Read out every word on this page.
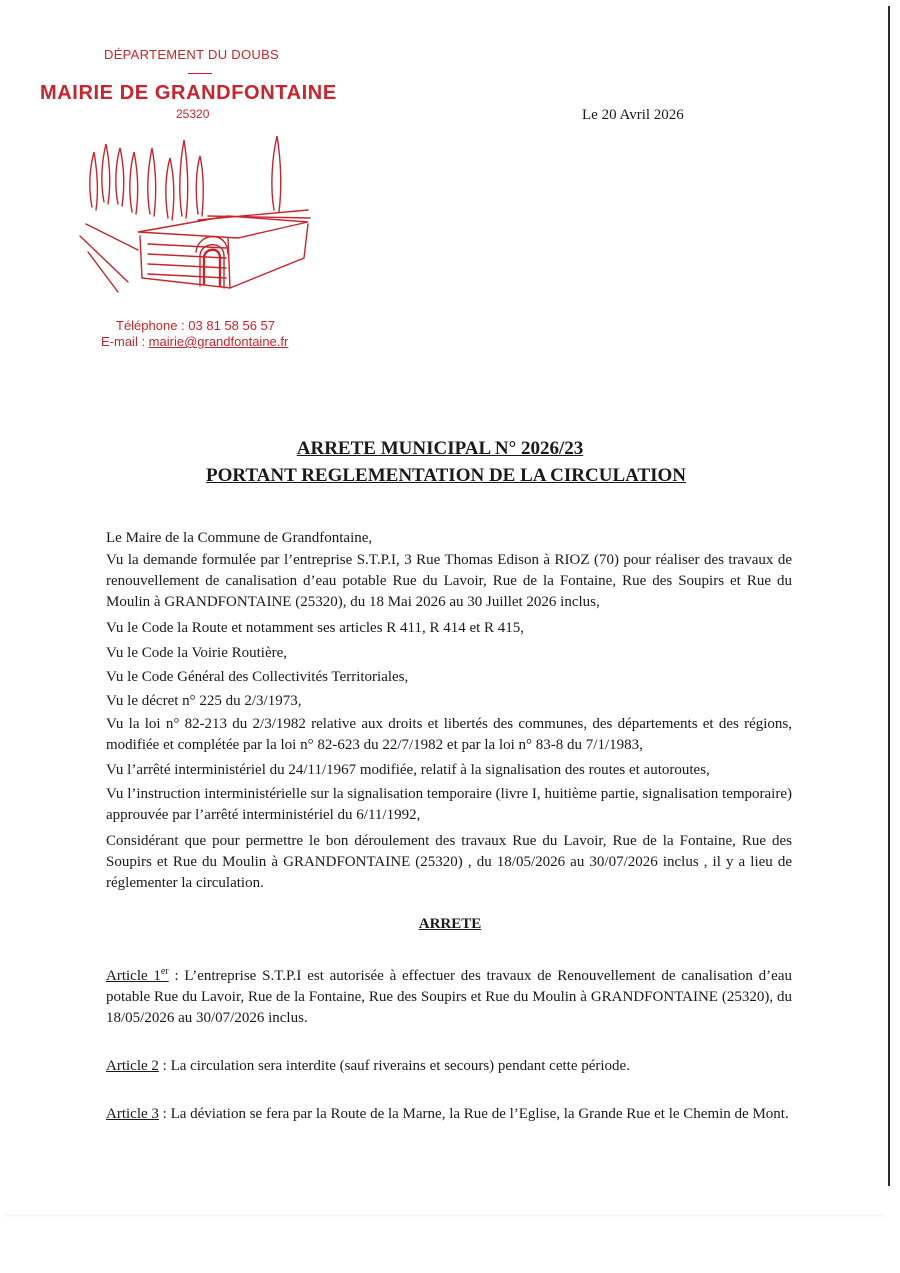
DÉPARTEMENT DU DOUBS
MAIRIE DE GRANDFONTAINE
25320
Téléphone : 03 81 58 56 57
E-mail : mairie@grandfontaine.fr
Le 20 Avril 2026
ARRETE MUNICIPAL N° 2026/23
PORTANT REGLEMENTATION DE LA CIRCULATION
Le Maire de la Commune de Grandfontaine,
Vu la demande formulée par l’entreprise S.T.P.I, 3 Rue Thomas Edison à RIOZ (70) pour réaliser des travaux de renouvellement de canalisation d’eau potable Rue du Lavoir, Rue de la Fontaine, Rue des Soupirs et Rue du Moulin à GRANDFONTAINE (25320), du 18 Mai 2026 au 30 Juillet 2026 inclus,
Vu le Code la Route et notamment ses articles R 411, R 414 et R 415,
Vu le Code la Voirie Routière,
Vu le Code Général des Collectivités Territoriales,
Vu le décret n° 225 du 2/3/1973,
Vu la loi n° 82-213 du 2/3/1982 relative aux droits et libertés des communes, des départements et des régions, modifiée et complétée par la loi n° 82-623 du 22/7/1982 et par la loi n° 83-8 du 7/1/1983,
Vu l’arrêté interministériel du 24/11/1967 modifiée, relatif à la signalisation des routes et autoroutes,
Vu l’instruction interministérielle sur la signalisation temporaire (livre I, huitième partie, signalisation temporaire) approuvée par l’arrêté interministériel du 6/11/1992,
Considérant que pour permettre le bon déroulement des travaux Rue du Lavoir, Rue de la Fontaine, Rue des Soupirs et Rue du Moulin à GRANDFONTAINE (25320) , du 18/05/2026 au 30/07/2026 inclus , il y a lieu de réglementer la circulation.
ARRETE
Article 1er : L’entreprise S.T.P.I est autorisée à effectuer des travaux de Renouvellement de canalisation d’eau potable Rue du Lavoir, Rue de la Fontaine, Rue des Soupirs et Rue du Moulin à GRANDFONTAINE (25320), du 18/05/2026 au 30/07/2026 inclus.
Article 2 : La circulation sera interdite (sauf riverains et secours) pendant cette période.
Article 3 : La déviation se fera par la Route de la Marne, la Rue de l’Eglise, la Grande Rue et le Chemin de Mont.
